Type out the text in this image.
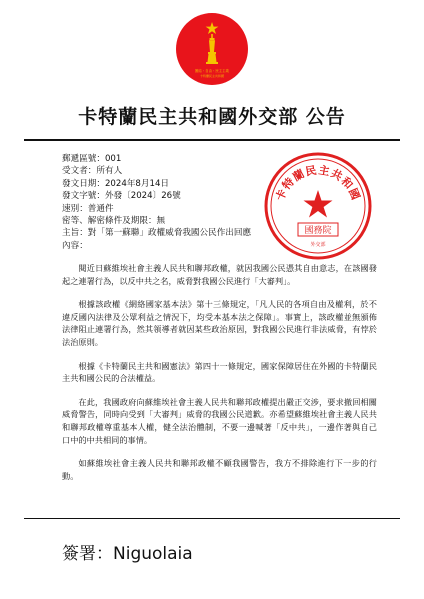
團結・自由・民主主義
卡特蘭民主共和國
卡特蘭民主共和國外交部 公告
郵遞區號：001
受文者：所有人
發文日期：2024年8月14日
發文字號：外發〔2024〕26號
速別：普通件
密等、解密條件及期限：無
主旨：對「第一蘇聯」政權威脅我國公民作出回應
內容：
卡特蘭民主共和國
國務院
外交部

閱近日蘇維埃社會主義人民共和聯邦政權，就因我國公民憑其自由意志，在該國發起之連署行為，以反中共之名，威脅對我國公民進行「大審判」。

根據該政權《網絡國家基本法》第十三條規定，「凡人民的各項自由及權利，於不違反國內法律及公眾利益之情況下，均受本基本法之保障」。事實上，該政權並無頒佈法律阻止連署行為，然其領導者就因某些政治原因，對我國公民進行非法威脅，有悖於法治原則。

根據《卡特蘭民主共和國憲法》第四十一條規定，國家保障居住在外國的卡特蘭民主共和國公民的合法權益。

在此，我國政府向蘇維埃社會主義人民共和聯邦政權提出嚴正交涉，要求撤回相關威脅警告，同時向受到「大審判」威脅的我國公民道歉。亦希望蘇維埃社會主義人民共和聯邦政權尊重基本人權，健全法治體制，不要一邊喊著「反中共」，一邊作著與自己口中的中共相同的事情。

如蘇維埃社會主義人民共和聯邦政權不顧我國警告，我方不排除進行下一步的行動。

簽署：Niguolaia
